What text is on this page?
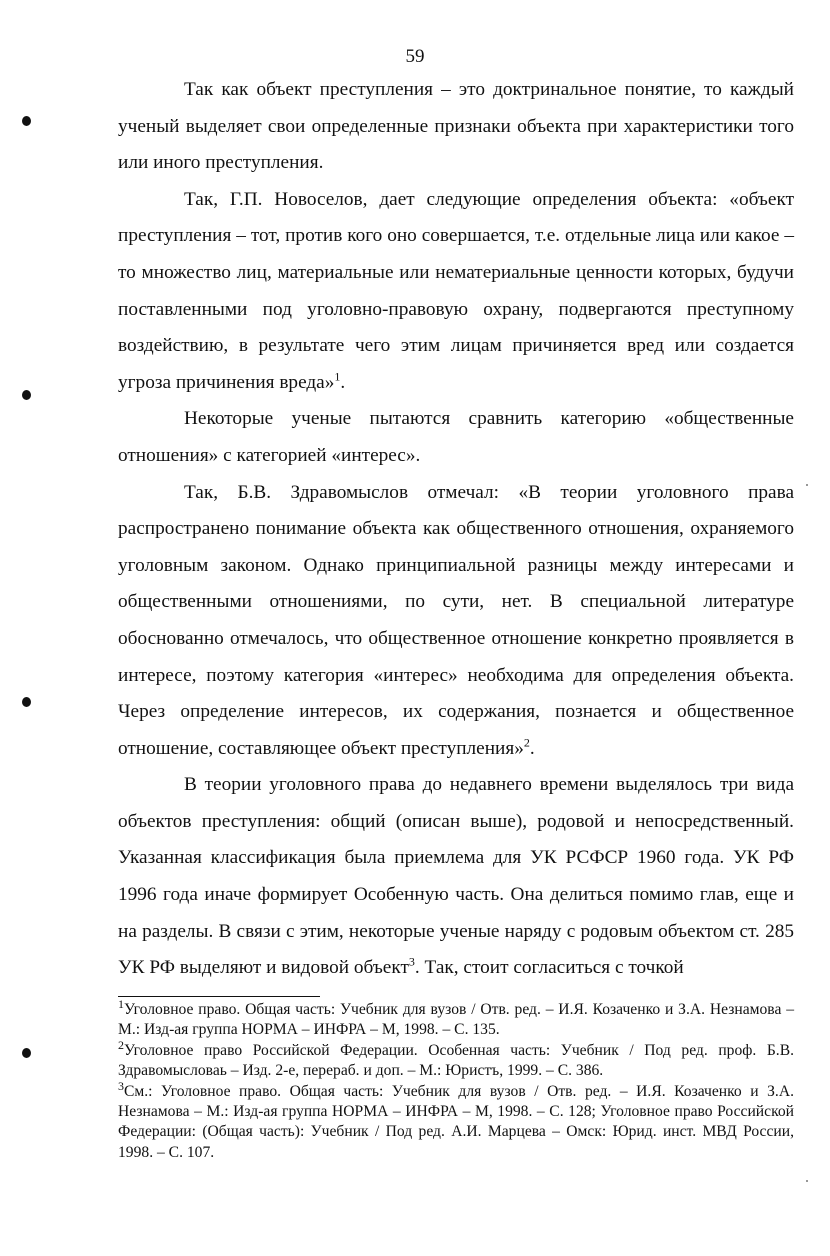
59

Так как объект преступления – это доктринальное понятие, то каждый ученый выделяет свои определенные признаки объекта при характеристики того или иного преступления.

Так, Г.П. Новоселов, дает следующие определения объекта: «объект преступления – тот, против кого оно совершается, т.е. отдельные лица или какое – то множество лиц, материальные или нематериальные ценности которых, будучи поставленными под уголовно-правовую охрану, подвергаются преступному воздействию, в результате чего этим лицам причиняется вред или создается угроза причинения вреда»$^1$.

Некоторые ученые пытаются сравнить категорию «общественные отношения» с категорией «интерес».

Так, Б.В. Здравомыслов отмечал: «В теории уголовного права распространено понимание объекта как общественного отношения, охраняемого уголовным законом. Однако принципиальной разницы между интересами и общественными отношениями, по сути, нет. В специальной литературе обоснованно отмечалось, что общественное отношение конкретно проявляется в интересе, поэтому категория «интерес» необходима для определения объекта. Через определение интересов, их содержания, познается и общественное отношение, составляющее объект преступления»$^2$.

В теории уголовного права до недавнего времени выделялось три вида объектов преступления: общий (описан выше), родовой и непосредственный. Указанная классификация была приемлема для УК РСФСР 1960 года. УК РФ 1996 года иначе формирует Особенную часть. Она делиться помимо глав, еще и на разделы. В связи с этим, некоторые ученые наряду с родовым объектом ст. 285 УК РФ выделяют и видовой объект$^3$. Так, стоит согласиться с точкой

$^1$Уголовное право. Общая часть: Учебник для вузов / Отв. ред. – И.Я. Козаченко и З.А. Незнамова – М.: Изд-ая группа НОРМА – ИНФРА – М, 1998. – С. 135.

$^2$Уголовное право Российской Федерации. Особенная часть: Учебник / Под ред. проф. Б.В. Здравомысловаь – Изд. 2-е, перераб. и доп. – М.: Юристъ, 1999. – С. 386.

$^3$См.: Уголовное право. Общая часть: Учебник для вузов / Отв. ред. – И.Я. Козаченко и З.А. Незнамова – М.: Изд-ая группа НОРМА – ИНФРА – М, 1998. – С. 128; Уголовное право Российской Федерации: (Общая часть): Учебник / Под ред. А.И. Марцева – Омск: Юрид. инст. МВД России, 1998. – С. 107.
